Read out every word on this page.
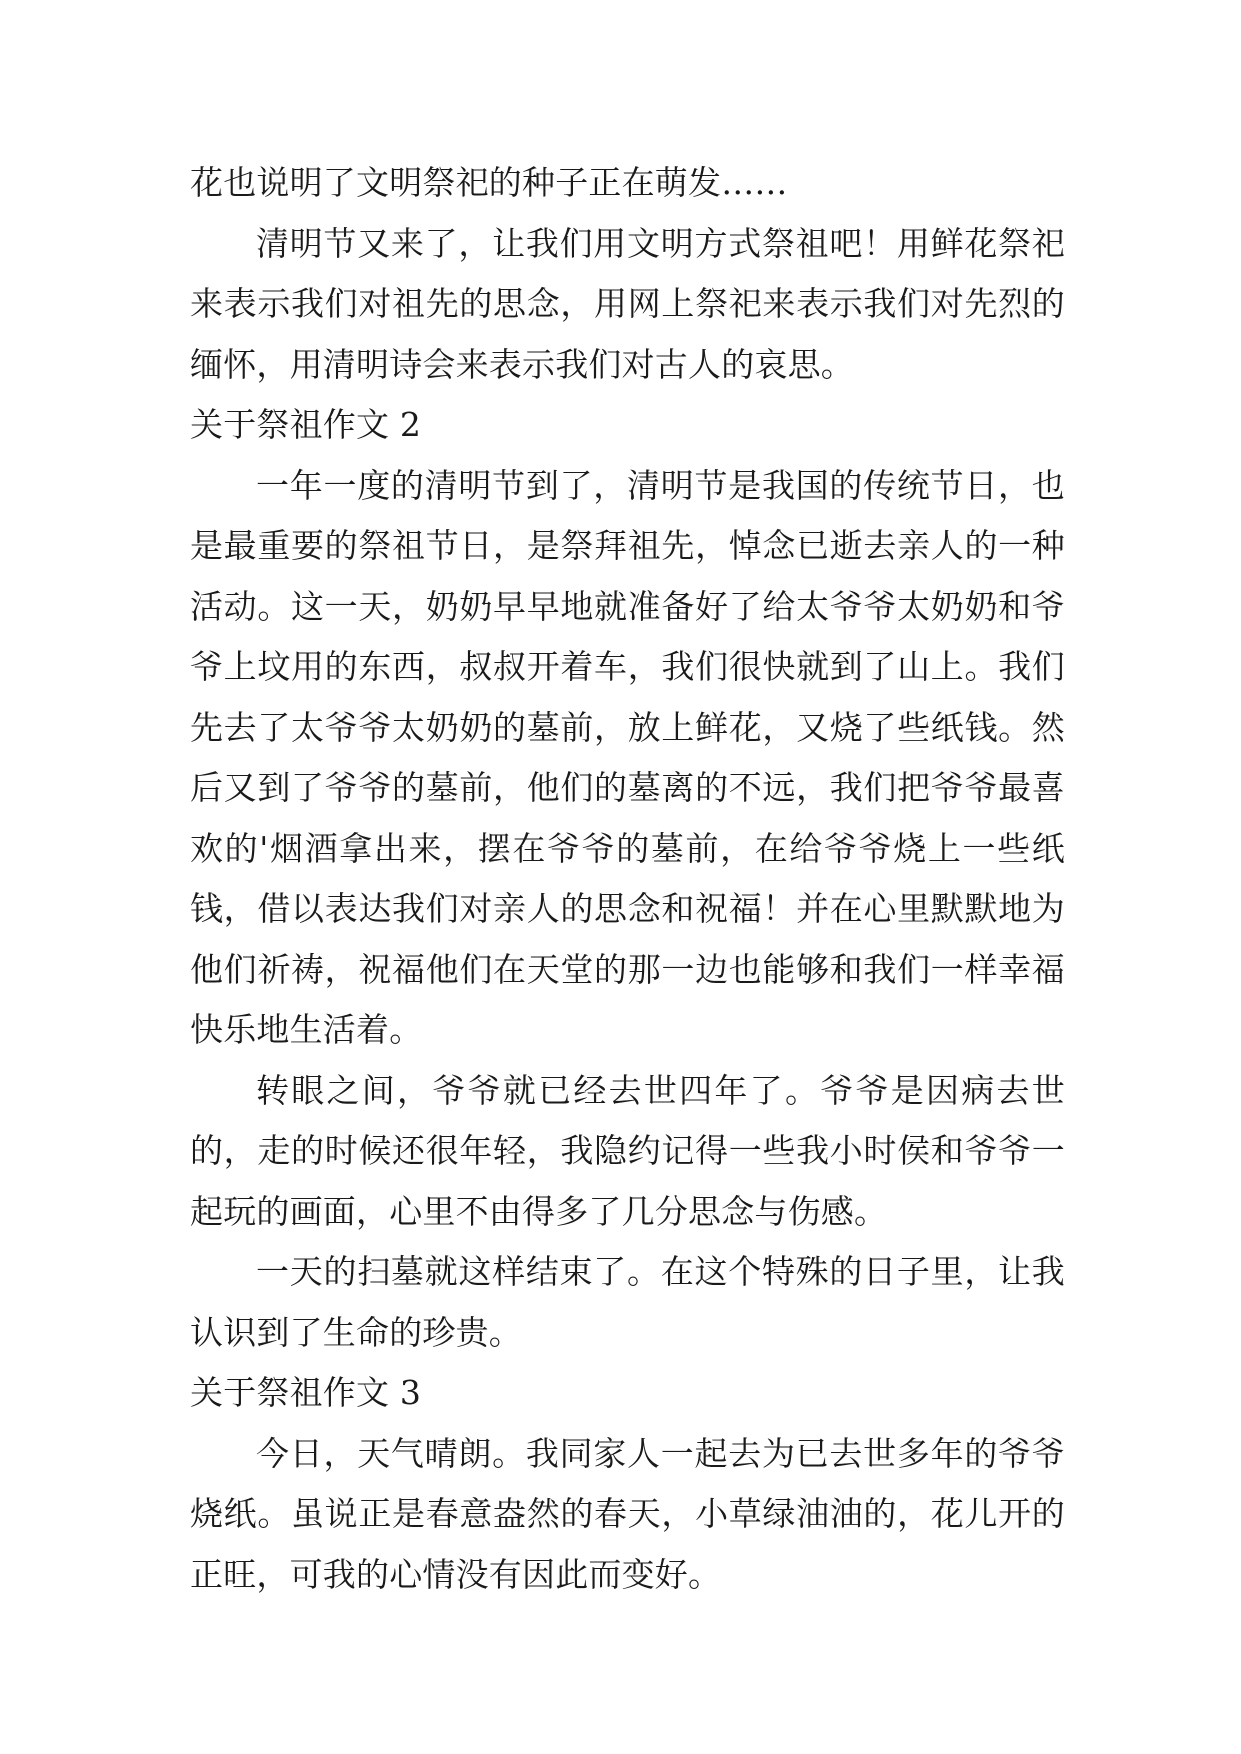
花也说明了文明祭祀的种子正在萌发……

清明节又来了，让我们用文明方式祭祖吧！用鲜花祭祀来表示我们对祖先的思念，用网上祭祀来表示我们对先烈的缅怀，用清明诗会来表示我们对古人的哀思。

关于祭祖作文 2

一年一度的清明节到了，清明节是我国的传统节日，也是最重要的祭祖节日，是祭拜祖先，悼念已逝去亲人的一种活动。这一天，奶奶早早地就准备好了给太爷爷太奶奶和爷爷上坟用的东西，叔叔开着车，我们很快就到了山上。我们先去了太爷爷太奶奶的墓前，放上鲜花，又烧了些纸钱。然后又到了爷爷的墓前，他们的墓离的不远，我们把爷爷最喜欢的'烟酒拿出来，摆在爷爷的墓前，在给爷爷烧上一些纸钱，借以表达我们对亲人的思念和祝福！并在心里默默地为他们祈祷，祝福他们在天堂的那一边也能够和我们一样幸福快乐地生活着。

转眼之间，爷爷就已经去世四年了。爷爷是因病去世的，走的时候还很年轻，我隐约记得一些我小时侯和爷爷一起玩的画面，心里不由得多了几分思念与伤感。

一天的扫墓就这样结束了。在这个特殊的日子里，让我认识到了生命的珍贵。

关于祭祖作文 3

今日，天气晴朗。我同家人一起去为已去世多年的爷爷烧纸。虽说正是春意盎然的春天，小草绿油油的，花儿开的正旺，可我的心情没有因此而变好。
